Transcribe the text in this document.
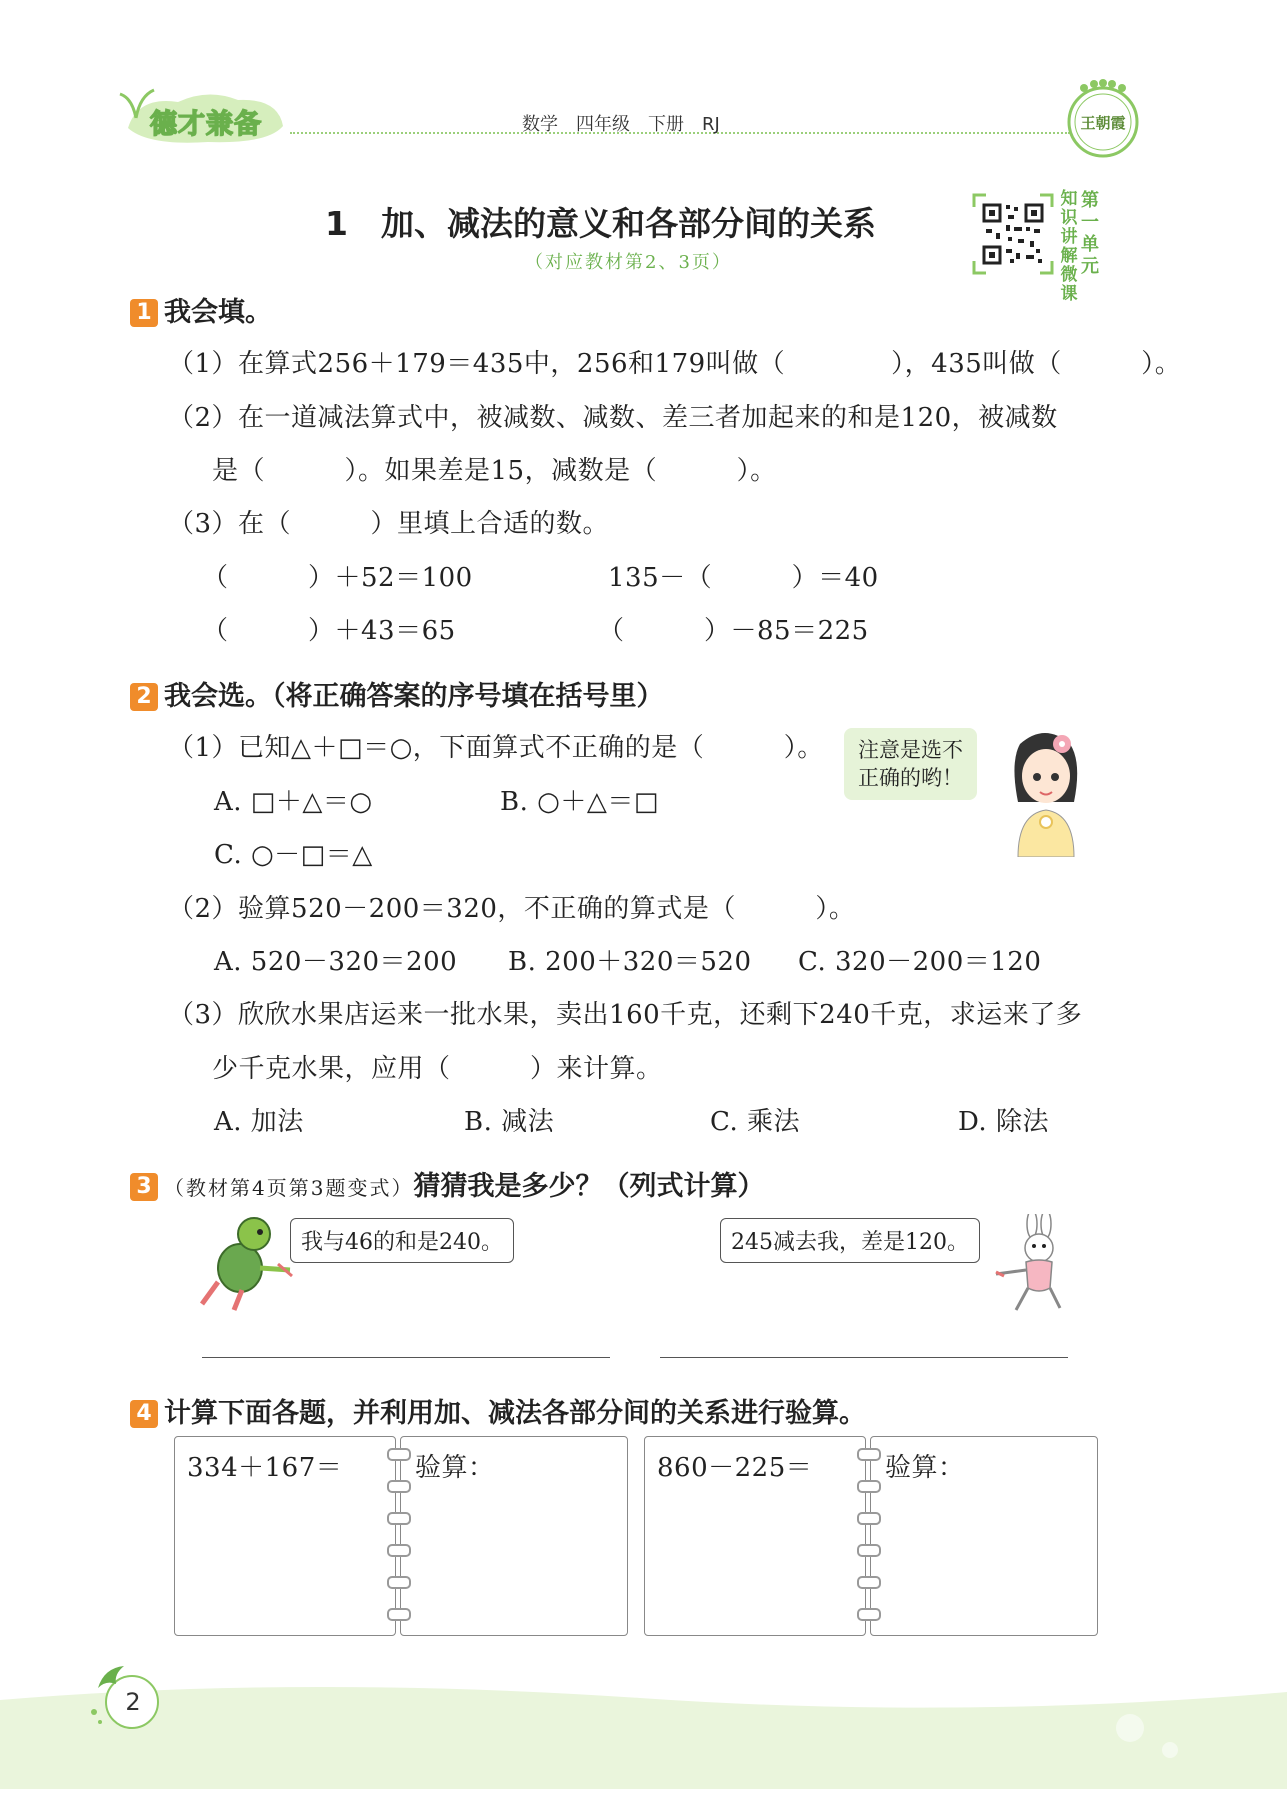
德才兼备	数学　四年级　下册　RJ	王朝霞
1　加、减法的意义和各部分间的关系
（对应教材第2、3页）
知识讲解微课
第一单元
1 我会填。
（1）在算式256＋179＝435中，256和179叫做（　　　　），435叫做（　　　）。
（2）在一道减法算式中，被减数、减数、差三者加起来的和是120，被减数
是（　　　）。如果差是15，减数是（　　　）。
（3）在（　　　）里填上合适的数。
（　　　）＋52＝100	135－（　　　）＝40
（　　　）＋43＝65	（　　　）－85＝225
2 我会选。（将正确答案的序号填在括号里）
（1）已知△＋□＝○，下面算式不正确的是（　　　）。
A. □＋△＝○	B. ○＋△＝□
C. ○－□＝△
注意是选不
正确的哟！
（2）验算520－200＝320，不正确的算式是（　　　）。
A. 520－320＝200 B. 200＋320＝520 C. 320－200＝120
（3）欣欣水果店运来一批水果，卖出160千克，还剩下240千克，求运来了多
少千克水果，应用（　　　）来计算。
A. 加法	B. 减法	C. 乘法	D. 除法
3 （教材第4页第3题变式）猜猜我是多少？（列式计算）
我与46的和是240。	245减去我，差是120。
4 计算下面各题，并利用加、减法各部分间的关系进行验算。
334＋167＝	验算：	860－225＝	验算：
2
